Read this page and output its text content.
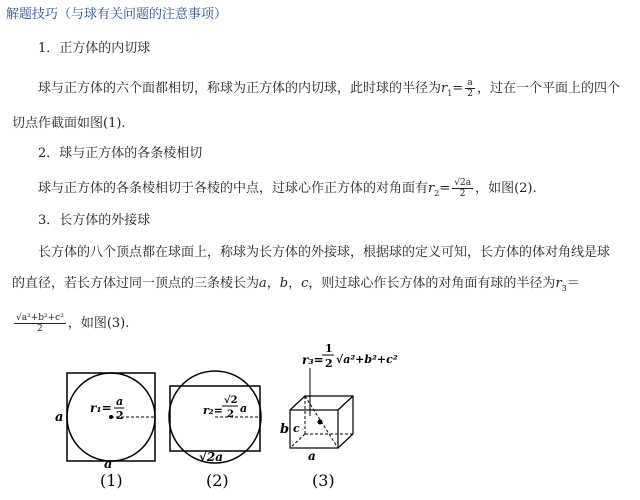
解题技巧（与球有关问题的注意事项）
1．正方体的内切球
球与正方体的六个面都相切，称球为正方体的内切球，此时球的半径为$r_1= \frac{a}{2}$ ，过在一个平面上的四个
切点作截面如图(1).
2．球与正方体的各条棱相切
球与正方体的各条棱相切于各棱的中点，过球心作正方体的对角面有$r_2= \frac{√2a}{2}$ ，如图(2).
3．长方体的外接球
长方体的八个顶点都在球面上，称球为长方体的外接球，根据球的定义可知，长方体的体对角线是球
的直径，若长方体过同一顶点的三条棱长为a，b，c，则过球心作长方体的对角面有球的半径为$r_3=$
$\frac{\text{√a²+b²+c²}}{2}$ ，如图(3).
a
a
r₁= a
2
(1)
r₂=
√2
2 a
√2a
(2)
r₃=
1
2 √a²+b²+c²
b c
a
(3)
